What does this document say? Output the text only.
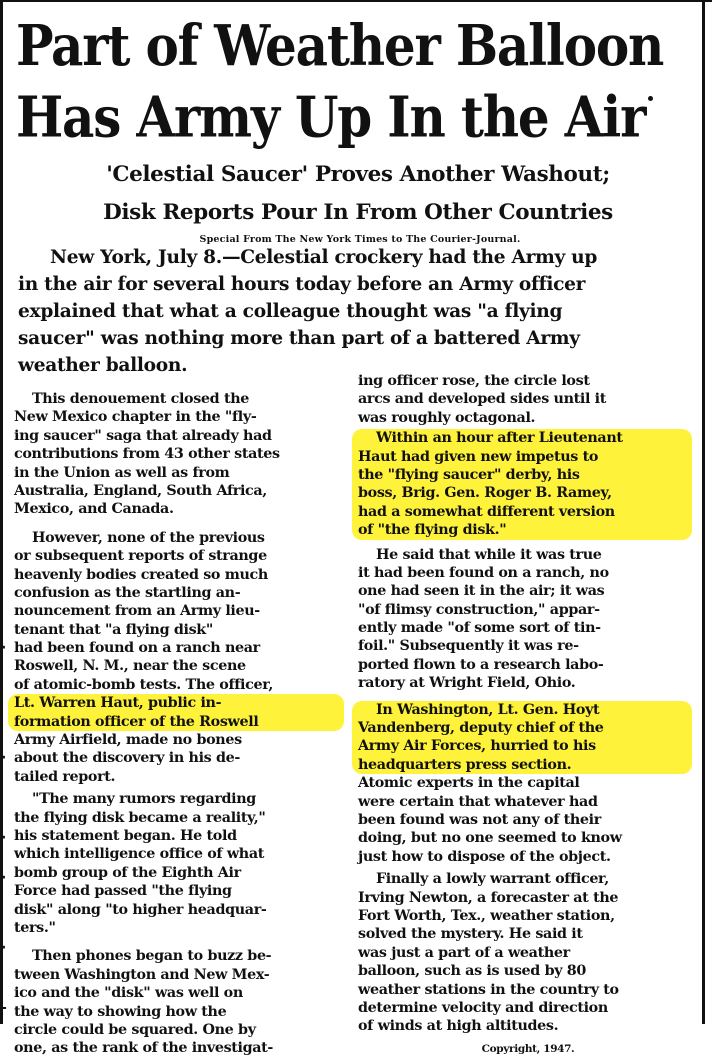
Part of Weather Balloon
Has Army Up In the Air
'Celestial Saucer' Proves Another Washout;
Disk Reports Pour In From Other Countries
Special From The New York Times to The Courier-Journal.
New York, July 8.—Celestial crockery had the Army up
in the air for several hours today before an Army officer
explained that what a colleague thought was "a flying
saucer" was nothing more than part of a battered Army
weather balloon.
This denouement closed the
New Mexico chapter in the "fly-
ing saucer" saga that already had
contributions from 43 other states
in the Union as well as from
Australia, England, South Africa,
Mexico, and Canada.
However, none of the previous
or subsequent reports of strange
heavenly bodies created so much
confusion as the startling an-
nouncement from an Army lieu-
tenant that "a flying disk"
had been found on a ranch near
Roswell, N. M., near the scene
of atomic-bomb tests. The officer,
Lt. Warren Haut, public in-
formation officer of the Roswell
Army Airfield, made no bones
about the discovery in his de-
tailed report.
"The many rumors regarding
the flying disk became a reality,"
his statement began. He told
which intelligence office of what
bomb group of the Eighth Air
Force had passed "the flying
disk" along "to higher headquar-
ters."
Then phones began to buzz be-
tween Washington and New Mex-
ico and the "disk" was well on
the way to showing how the
circle could be squared. One by
one, as the rank of the investigat-
ing officer rose, the circle lost
arcs and developed sides until it
was roughly octagonal.
Within an hour after Lieutenant
Haut had given new impetus to
the "flying saucer" derby, his
boss, Brig. Gen. Roger B. Ramey,
had a somewhat different version
of "the flying disk."
He said that while it was true
it had been found on a ranch, no
one had seen it in the air; it was
"of flimsy construction," appar-
ently made "of some sort of tin-
foil." Subsequently it was re-
ported flown to a research labo-
ratory at Wright Field, Ohio.
In Washington, Lt. Gen. Hoyt
Vandenberg, deputy chief of the
Army Air Forces, hurried to his
headquarters press section.
Atomic experts in the capital
were certain that whatever had
been found was not any of their
doing, but no one seemed to know
just how to dispose of the object.
Finally a lowly warrant officer,
Irving Newton, a forecaster at the
Fort Worth, Tex., weather station,
solved the mystery. He said it
was just a part of a weather
balloon, such as is used by 80
weather stations in the country to
determine velocity and direction
of winds at high altitudes.
Copyright, 1947.
·
·
·
·
·
-
